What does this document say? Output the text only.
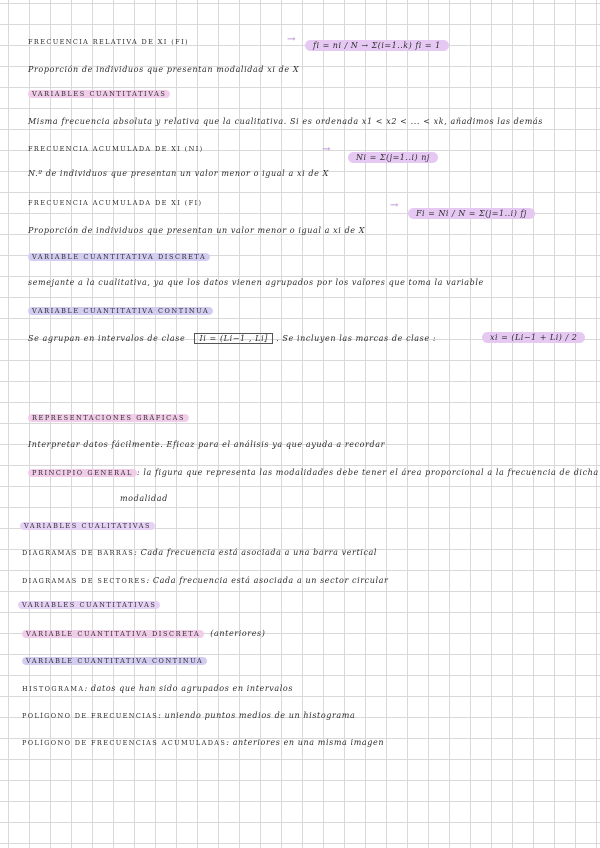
FRECUENCIA RELATIVA DE XI (FI)	→
fi = ni / N → Σ(i=1..k) fi = 1
Proporción de individuos que presentan modalidad xi de X
VARIABLES CUANTITATIVAS
Misma frecuencia absoluta y relativa que la cualitativa. Si es ordenada x1 < x2 < ... < xk, añadimos las demás
FRECUENCIA ACUMULADA DE XI (NI)	→
Ni = Σ(j=1..i) nj
N.º de individuos que presentan un valor menor o igual a xi de X
FRECUENCIA ACUMULADA DE XI (FI)	→
Fi = Ni / N = Σ(j=1..i) fj
Proporción de individuos que presentan un valor menor o igual a xi de X
VARIABLE CUANTITATIVA DISCRETA
semejante a la cualitativa, ya que los datos vienen agrupados por los valores que toma la variable
VARIABLE CUANTITATIVA CONTINUA
Se agrupan en intervalos de clase Ii = (Li−1 , Li] . Se incluyen las marcas de clase :	xi = (Li−1 + Li) / 2
REPRESENTACIONES GRÁFICAS
Interpretar datos fácilmente. Eficaz para el análisis ya que ayuda a recordar
PRINCIPIO GENERAL : la figura que representa las modalidades debe tener el área proporcional a la frecuencia de dicha
modalidad
VARIABLES CUALITATIVAS
DIAGRAMAS DE BARRAS: Cada frecuencia está asociada a una barra vertical
DIAGRAMAS DE SECTORES: Cada frecuencia está asociada a un sector circular
VARIABLES CUANTITATIVAS
VARIABLE CUANTITATIVA DISCRETA (anteriores)
VARIABLE CUANTITATIVA CONTINUA
HISTOGRAMA: datos que han sido agrupados en intervalos
POLÍGONO DE FRECUENCIAS: uniendo puntos medios de un histograma
POLÍGONO DE FRECUENCIAS ACUMULADAS: anteriores en una misma imagen
